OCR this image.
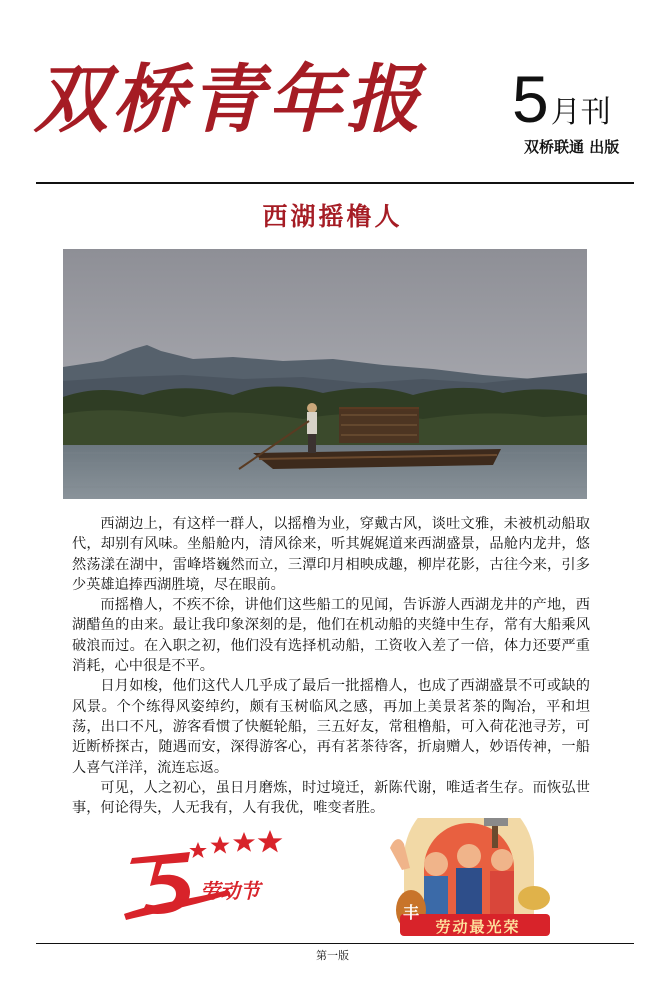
双桥青年报	5月刊
双桥联通 出版
西湖摇橹人

西湖边上，有这样一群人，以摇橹为业，穿戴古风，谈吐文雅，未被机动船取代，却别有风味。坐船舱内，清风徐来，听其娓娓道来西湖盛景，品舱内龙井，悠然荡漾在湖中，雷峰塔巍然而立，三潭印月相映成趣，柳岸花影，古往今来，引多少英雄追捧西湖胜境，尽在眼前。

而摇橹人，不疾不徐，讲他们这些船工的见闻，告诉游人西湖龙井的产地，西湖醋鱼的由来。最让我印象深刻的是，他们在机动船的夹缝中生存，常有大船乘风破浪而过。在入职之初，他们没有选择机动船，工资收入差了一倍，体力还要严重消耗，心中很是不平。

日月如梭，他们这代人几乎成了最后一批摇橹人，也成了西湖盛景不可或缺的风景。个个练得风姿绰约，颇有玉树临风之感，再加上美景茗茶的陶冶，平和坦荡，出口不凡，游客看惯了快艇轮船，三五好友，常租橹船，可入荷花池寻芳，可近断桥探古，随遇而安，深得游客心，再有茗茶待客，折扇赠人，妙语传神，一船人喜气洋洋，流连忘返。

可见，人之初心，虽日月磨炼，时过境迁，新陈代谢，唯适者生存。而恢弘世事，何论得失，人无我有，人有我优，唯变者胜。

劳动节
丰
劳动最光荣
第一版
